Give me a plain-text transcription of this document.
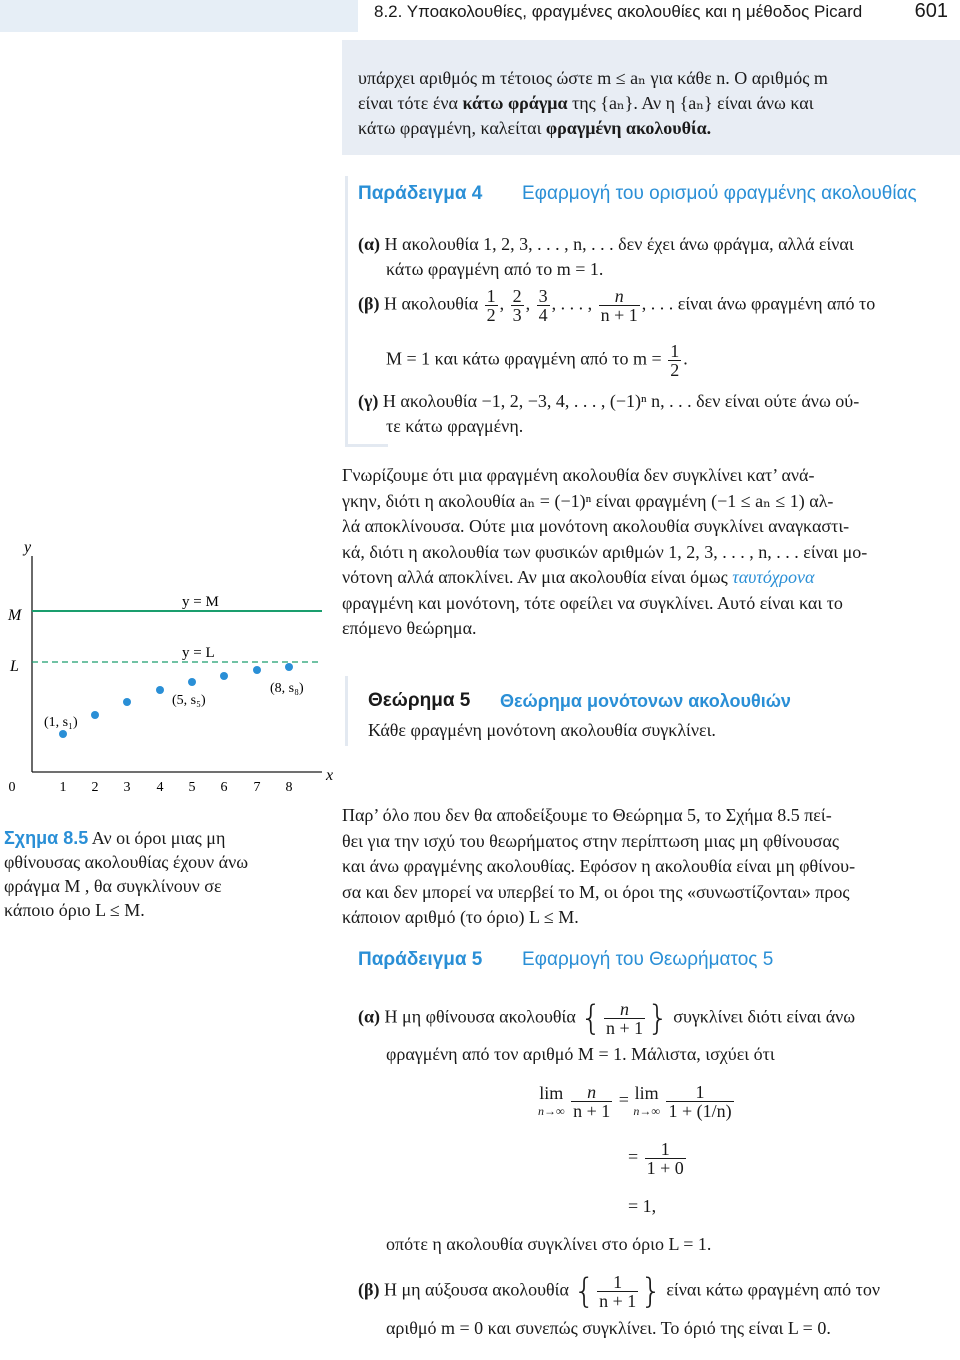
8.2. Υποακολουθίες, φραγμένες ακολουθίες και η μέθοδος Picard	601

υπάρχει αριθμός m τέτοιος ώστε m ≤ aₙ για κάθε n. Ο αριθμός m

είναι τότε ένα κάτω φράγμα της {aₙ}. Αν η {aₙ} είναι άνω και

κάτω φραγμένη, καλείται φραγμένη ακολουθία.

Παράδειγμα 4 Εφαρμογή του ορισμού φραγμένης ακολουθίας

(α) Η ακολουθία 1, 2, 3, . . . , n, . . . δεν έχει άνω φράγμα, αλλά είναι

κάτω φραγμένη από το m = 1.

(β) Η ακολουθία $\frac{1}{2}$ , $\frac{2}{3}$ , $\frac{3}{4}$ , . . . , $\frac{n}{n + 1}$ , . . . είναι άνω φραγμένη από το
M = 1 και κάτω φραγμένη από το $m = \frac{1}{2}$ .

(γ) Η ακολουθία −1, 2, −3, 4, . . . , (−1)ⁿ n, . . . δεν είναι ούτε άνω ού-

τε κάτω φραγμένη.

Γνωρίζουμε ότι μια φραγμένη ακολουθία δεν συγκλίνει κατ’ ανά-
γκην, διότι η ακολουθία aₙ = (−1)ⁿ είναι φραγμένη (−1 ≤ aₙ ≤ 1) αλ-
λά αποκλίνουσα. Ούτε μια μονότονη ακολουθία συγκλίνει αναγκαστι-
κά, διότι η ακολουθία των φυσικών αριθμών 1, 2, 3, . . . , n, . . . είναι μο-
νότονη αλλά αποκλίνει. Αν μια ακολουθία είναι όμως ταυτόχρονα
φραγμένη και μονότονη, τότε οφείλει να συγκλίνει. Αυτό είναι και το
επόμενο θεώρημα.
y
x
M
y = M
L
y = L
(1, s₁)
(5, s₅)
(8, s₈)
0	1 2 3 4 5 6 7 8
Θεώρημα 5 Θεώρημα μονότονων ακολουθιών

Κάθε φραγμένη μονότονη ακολουθία συγκλίνει.

Σχημα 8.5 Αν οι όροι μιας μη
φθίνουσας ακολουθίας έχουν άνω
φράγμα M , θα συγκλίνουν σε
κάποιο όριο L ≤ M.
Παρ’ όλο που δεν θα αποδείξουμε το Θεώρημα 5, το Σχήμα 8.5 πεί-
θει για την ισχύ του θεωρήματος στην περίπτωση μιας μη φθίνουσας
και άνω φραγμένης ακολουθίας. Εφόσον η ακολουθία είναι μη φθίνου-
σα και δεν μπορεί να υπερβεί το M, οι όροι της «συνωστίζονται» προς
κάποιον αριθμό (το όριο) L ≤ M.
Παράδειγμα 5 Εφαρμογή του Θεωρήματος 5
(α) Η μη φθίνουσα ακολουθία { $\frac{n}{n + 1}$ } συγκλίνει διότι είναι άνω

φραγμένη από τον αριθμό M = 1. Μάλιστα, ισχύει ότι

lim
n→∞
$\frac{n}{n + 1} = \lim$
n→∞
$\frac{1}{1 + (1/n)}$
= $\frac{1}{1 + 0}$
= 1,

οπότε η ακολουθία συγκλίνει στο όριο L = 1.

(β) Η μη αύξουσα ακολουθία { $\frac{1}{n + 1}$ } είναι κάτω φραγμένη από τον

αριθμό m = 0 και συνεπώς συγκλίνει. Το όριό της είναι L = 0.
